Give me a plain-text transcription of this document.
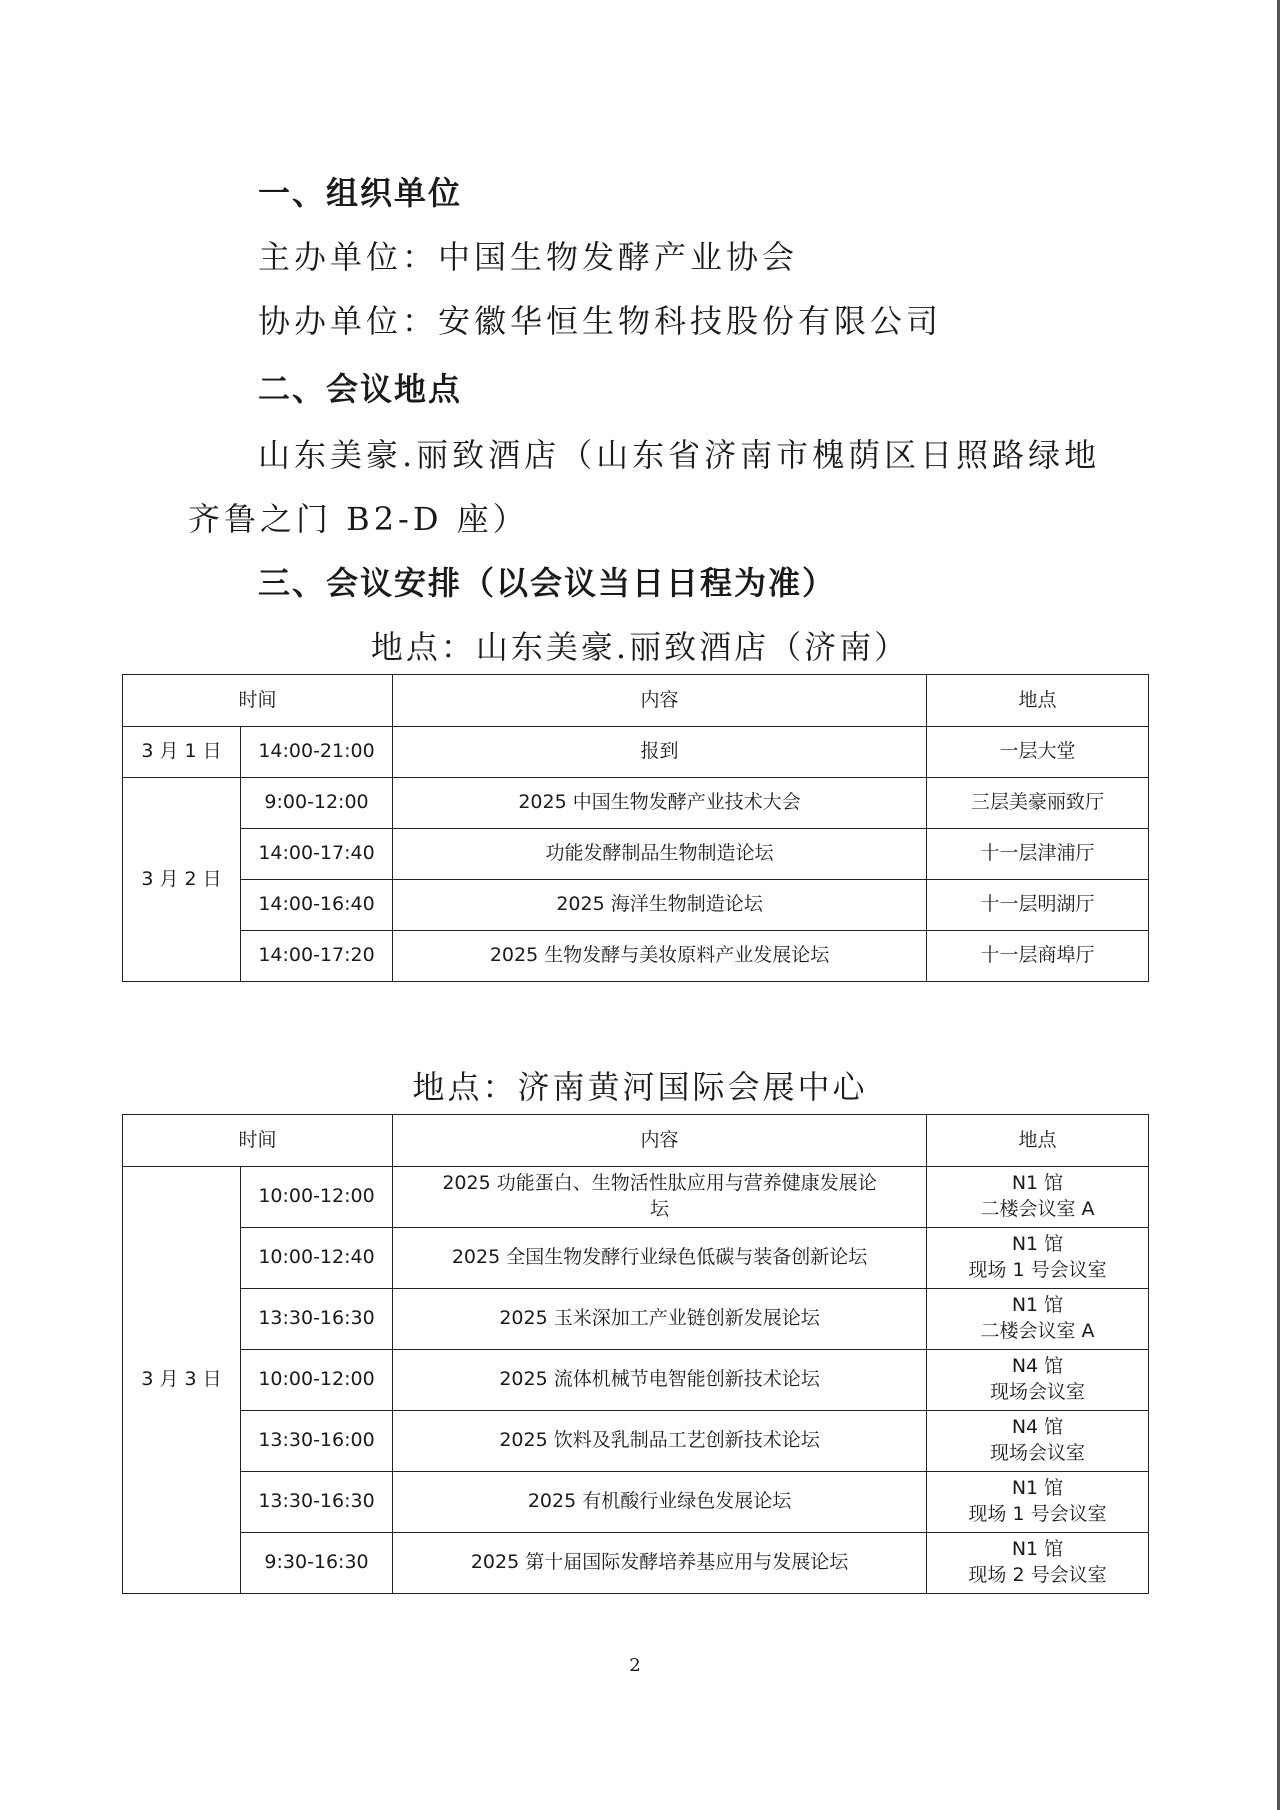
一、组织单位
主办单位：中国生物发酵产业协会
协办单位：安徽华恒生物科技股份有限公司
二、会议地点
山东美豪.丽致酒店（山东省济南市槐荫区日照路绿地
齐鲁之门 B2-D 座）
三、会议安排（以会议当日日程为准）
地点：山东美豪.丽致酒店（济南）
时间		内容	地点
3 月 1 日	14:00-21:00	报到	一层大堂

3 月 2 日	9:00-12:00	2025 中国生物发酵产业技术大会	三层美豪丽致厅

	14:00-17:40	功能发酵制品生物制造论坛	十一层津浦厅

	14:00-16:40	2025 海洋生物制造论坛	十一层明湖厅

	14:00-17:20	2025 生物发酵与美妆原料产业发展论坛	十一层商埠厅
地点：济南黄河国际会展中心
时间		内容	地点
3 月 3 日	10:00-12:00	2025 功能蛋白、生物活性肽应用与营养健康发展论坛	N1 馆
二楼会议室 A

	10:00-12:40	2025 全国生物发酵行业绿色低碳与装备创新论坛	N1 馆
现场 1 号会议室

	13:30-16:30	2025 玉米深加工产业链创新发展论坛	N1 馆
二楼会议室 A

	10:00-12:00	2025 流体机械节电智能创新技术论坛	N4 馆
现场会议室

	13:30-16:00	2025 饮料及乳制品工艺创新技术论坛	N4 馆
现场会议室

	13:30-16:30	2025 有机酸行业绿色发展论坛	N1 馆
现场 1 号会议室

	9:30-16:30	2025 第十届国际发酵培养基应用与发展论坛	N1 馆
现场 2 号会议室
2
